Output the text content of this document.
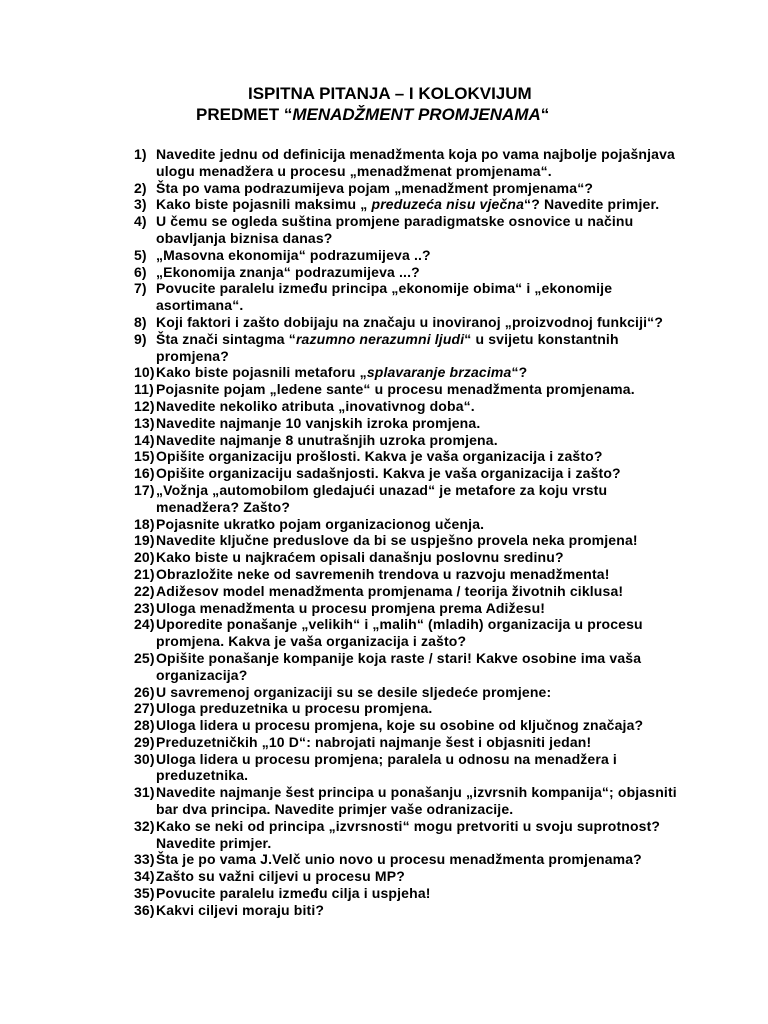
ISPITNA PITANJA – I KOLOKVIJUM
PREDMET “MENADŽMENT PROMJENAMA“
1) Navedite jednu od definicija menadžmenta koja po vama najbolje pojašnjava ulogu menadžera u procesu „menadžmenat promjenama“.
2) Šta po vama podrazumijeva pojam „menadžment promjenama“?
3) Kako biste pojasnili maksimu „ preduzeća nisu vječna“? Navedite primjer.
4) U čemu se ogleda suština promjene paradigmatske osnovice u načinu obavljanja biznisa danas?
5) „Masovna ekonomija“ podrazumijeva ..?
6) „Ekonomija znanja“ podrazumijeva ...?
7) Povucite paralelu između principa „ekonomije obima“ i „ekonomije asortimana“.
8) Koji faktori i zašto dobijaju na značaju u inoviranoj „proizvodnoj funkciji“?
9) Šta znači sintagma “razumno nerazumni ljudi“ u svijetu konstantnih promjena?
10) Kako biste pojasnili metaforu „splavaranje brzacima“?
11) Pojasnite pojam „ledene sante“ u procesu menadžmenta promjenama.
12) Navedite nekoliko atributa „inovativnog doba“.
13) Navedite najmanje 10 vanjskih izroka promjena.
14) Navedite najmanje 8 unutrašnjih uzroka promjena.
15) Opišite organizaciju prošlosti. Kakva je vaša organizacija i zašto?
16) Opišite organizaciju sadašnjosti. Kakva je vaša organizacija i zašto?
17) „Vožnja „automobilom gledajući unazad“ je metafore za koju vrstu menadžera? Zašto?
18) Pojasnite ukratko pojam organizacionog učenja.
19) Navedite ključne preduslove da bi se uspješno provela neka promjena!
20) Kako biste u najkraćem opisali današnju poslovnu sredinu?
21) Obrazložite neke od savremenih trendova u razvoju menadžmenta!
22) Adižesov model menadžmenta promjenama / teorija životnih ciklusa!
23) Uloga menadžmenta u procesu promjena prema Adižesu!
24) Uporedite ponašanje „velikih“ i „malih“ (mladih) organizacija u procesu promjena. Kakva je vaša organizacija i zašto?
25) Opišite ponašanje kompanije koja raste / stari! Kakve osobine ima vaša organizacija?
26) U savremenoj organizaciji su se desile sljedeće promjene:
27) Uloga preduzetnika u procesu promjena.
28) Uloga lidera u procesu promjena, koje su osobine od ključnog značaja?
29) Preduzetničkih „10 D“: nabrojati najmanje šest i objasniti jedan!
30) Uloga lidera u procesu promjena; paralela u odnosu na menadžera i preduzetnika.
31) Navedite najmanje šest principa u ponašanju „izvrsnih kompanija“; objasniti bar dva principa. Navedite primjer vaše odranizacije.
32) Kako se neki od principa „izvrsnosti“ mogu pretvoriti u svoju suprotnost? Navedite primjer.
33) Šta je po vama J.Velč unio novo u procesu menadžmenta promjenama?
34) Zašto su važni ciljevi u procesu MP?
35) Povucite paralelu između cilja i uspjeha!
36) Kakvi ciljevi moraju biti?
